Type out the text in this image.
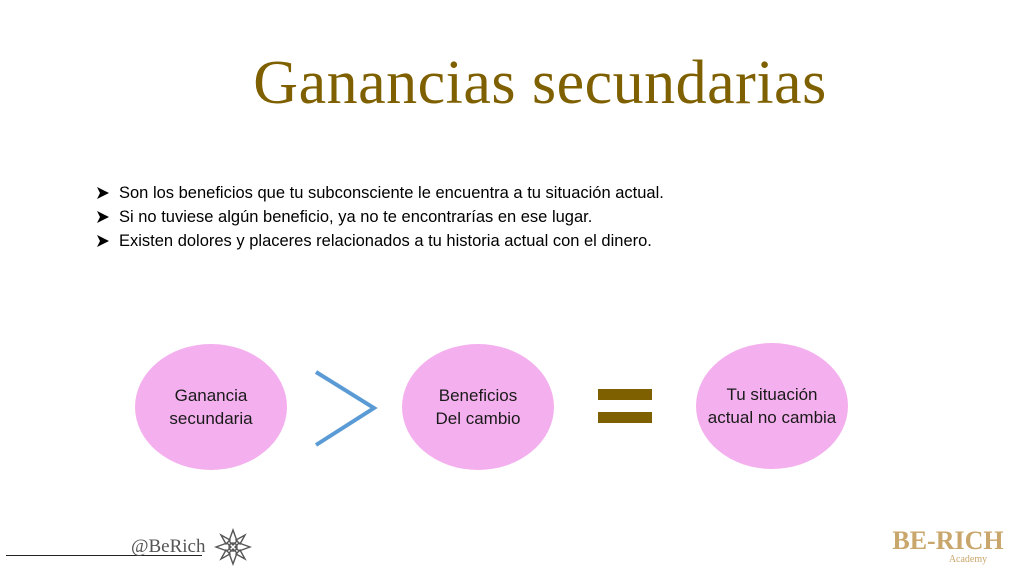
Ganancias secundarias
Son los beneficios que tu subconsciente le encuentra a tu situación actual.
Si no tuviese algún beneficio, ya no te encontrarías en ese lugar.
Existen dolores y placeres relacionados a tu historia actual con el dinero.
Ganancia
secundaria
Beneficios
Del cambio
Tu situación
actual no cambia
@BeRich	BE-RICH
Academy
